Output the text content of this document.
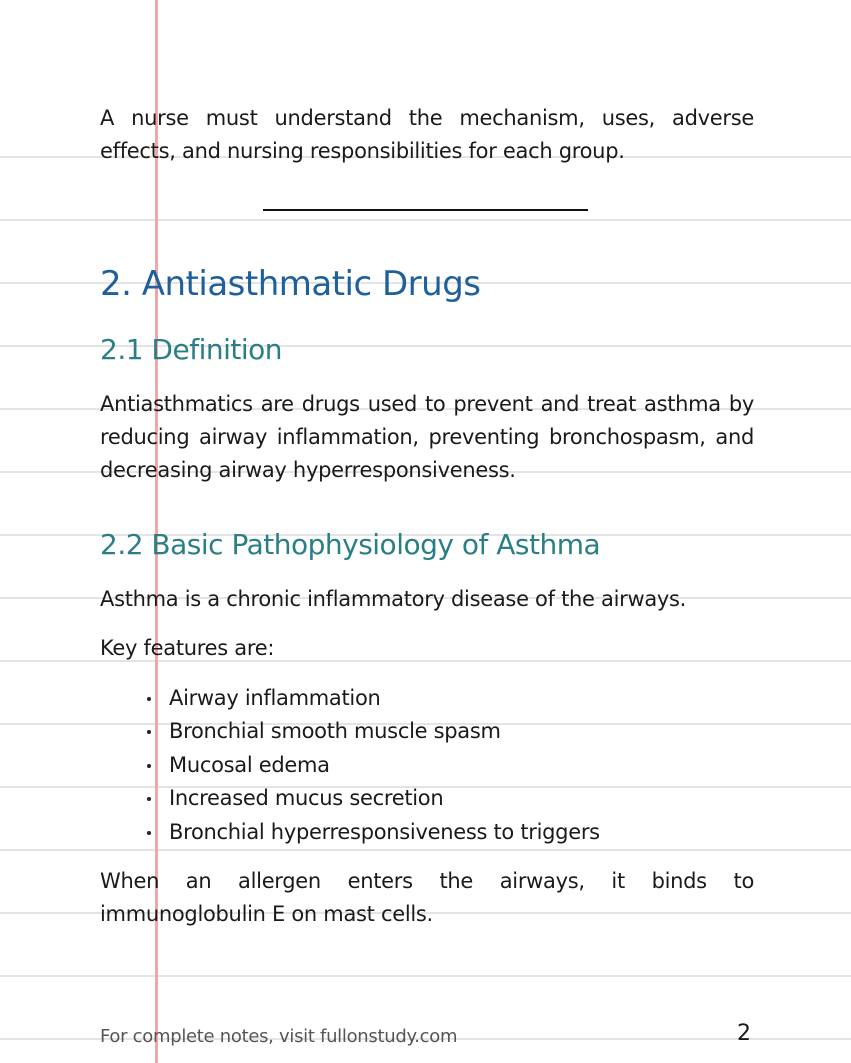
A nurse must understand the mechanism, uses, adverse effects, and nursing responsibilities for each group.

2. Antiasthmatic Drugs
2.1 Definition

Antiasthmatics are drugs used to prevent and treat asthma by reducing airway inflammation, preventing bronchospasm, and decreasing airway hyperresponsiveness.

2.2 Basic Pathophysiology of Asthma

Asthma is a chronic inflammatory disease of the airways.

Key features are:

Airway inflammation
Bronchial smooth muscle spasm
Mucosal edema
Increased mucus secretion
Bronchial hyperresponsiveness to triggers

When an allergen enters the airways, it binds to immunoglobulin E on mast cells.

For complete notes, visit fullonstudy.com	2
